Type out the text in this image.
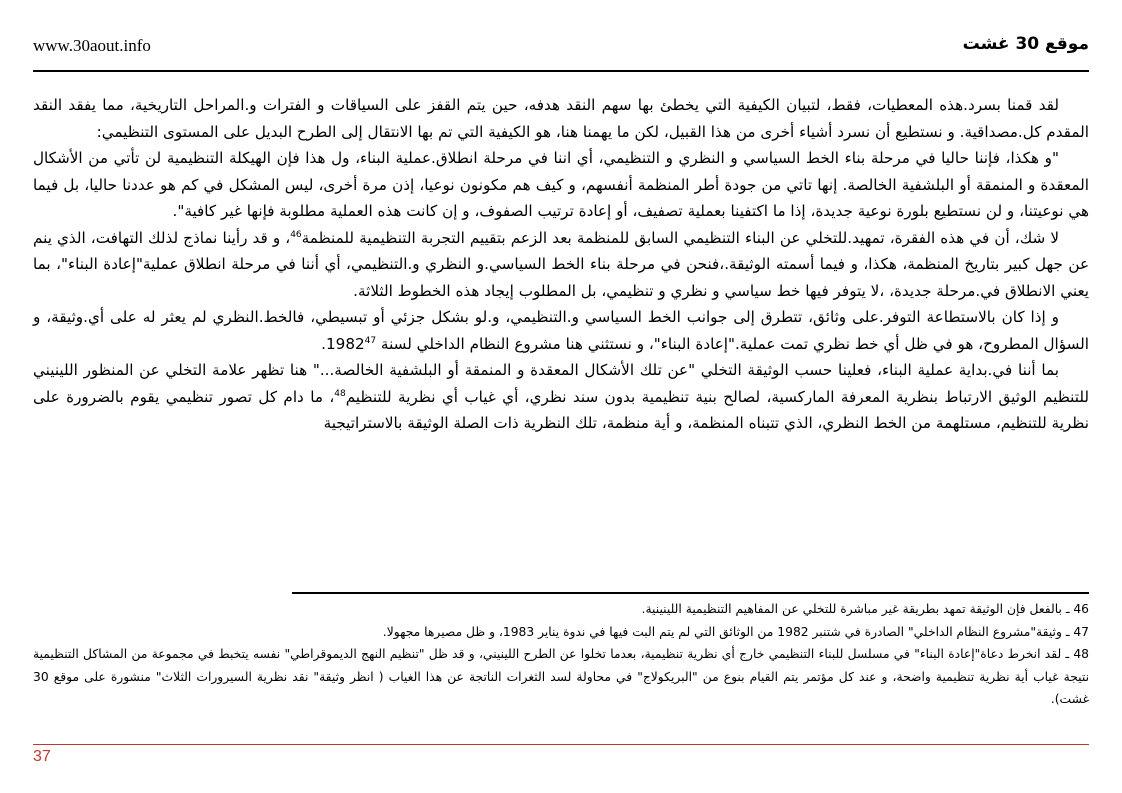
www.30aout.info	موقع 30 غشت

لقد قمنا بسرد.هذه المعطيات، فقط، لتبيان الكيفية التي يخطئ بها سهم النقد هدفه، حين يتم القفز على السياقات و الفترات و.المراحل التاريخية، مما يفقد النقد المقدم كل.مصداقية. و نستطيع أن نسرد أشياء أخرى من هذا القبيل، لكن ما يهمنا هنا، هو الكيفية التي تم بها الانتقال إلى الطرح البديل على المستوى التنظيمي:

"و هكذا، فإننا حاليا في مرحلة بناء الخط السياسي و النظري و التنظيمي، أي اننا في مرحلة انطلاق.عملية البناء، ول هذا فإن الهيكلة التنظيمية لن تأتي من الأشكال المعقدة و المنمقة أو البلشفية الخالصة. إنها تاتي من جودة أطر المنظمة أنفسهم، و كيف هم مكونون نوعيا، إذن مرة أخرى، ليس المشكل في كم هو عددنا حاليا، بل فيما هي نوعيتنا، و لن نستطيع بلورة نوعية جديدة، إذا ما اكتفينا بعملية تصفيف، أو إعادة ترتيب الصفوف، و إن كانت هذه العملية مطلوبة فإنها غير كافية".

لا شك، أن في هذه الفقرة، تمهيد.للتخلي عن البناء التنظيمي السابق للمنظمة بعد الزعم بتقييم التجربة التنظيمية للمنظمة$^{46}$، و قد رأينا نماذج لذلك التهافت، الذي ينم عن جهل كبير بتاريخ المنظمة، هكذا، و فيما أسمته الوثيقة.،فنحن في مرحلة بناء الخط السياسي.و النظري و.التنظيمي، أي أننا في مرحلة انطلاق عملية"إعادة البناء"، بما يعني الانطلاق في.مرحلة جديدة، ،لا يتوفر فيها خط سياسي و نظري و تنظيمي، بل المطلوب إيجاد هذه الخطوط الثلاثة.

و إذا كان بالاستطاعة التوفر.على وثائق، تتطرق إلى جوانب الخط السياسي و.التنظيمي، و.لو بشكل جزئي أو تبسيطي، فالخط.النظري لم يعثر له على أي.وثيقة، و السؤال المطروح، هو في ظل أي خط نظري تمت عملية."إعادة البناء"، و نستثني هنا مشروع النظام الداخلي لسنة 1982$^{47}$.

بما أننا في.بداية عملية البناء، فعلينا حسب الوثيقة التخلي "عن تلك الأشكال المعقدة و المنمقة أو البلشفية الخالصة..." هنا تظهر علامة التخلي عن المنظور اللينيني للتنظيم الوثيق الارتباط بنظرية المعرفة الماركسية، لصالح بنية تنظيمية بدون سند نظري، أي غياب أي نظرية للتنظيم$^{48}$، ما دام كل تصور تنظيمي يقوم بالضرورة على نظرية للتنظيم، مستلهمة من الخط النظري، الذي تتبناه المنظمة، و أية منظمة، تلك النظرية ذات الصلة الوثيقة بالاستراتيجية

46 ـ بالفعل فإن الوثيقة تمهد بطريقة غير مباشرة للتخلي عن المفاهيم التنظيمية اللينينية.

47 ـ وثيقة"مشروع النظام الداخلي" الصادرة في شتنبر 1982 من الوثائق التي لم يتم البت فيها في ندوة يناير 1983، و ظل مصيرها مجهولا.

48 ـ لقد انخرط دعاة"إعادة البناء" في مسلسل للبناء التنظيمي خارج أي نظرية تنظيمية، بعدما تخلوا عن الطرح اللينيني، و قد ظل "تنظيم النهج الديموقراطي" نفسه يتخبط في مجموعة من المشاكل التنظيمية نتيجة غياب أية نظرية تنظيمية واضحة، و عند كل مؤتمر يتم القيام بنوع من "البريكولاج" في محاولة لسد الثغرات الناتجة عن هذا الغياب ( انظر وثيقة" نقد نظرية السيرورات الثلاث" منشورة على موقع 30 غشت).

37
